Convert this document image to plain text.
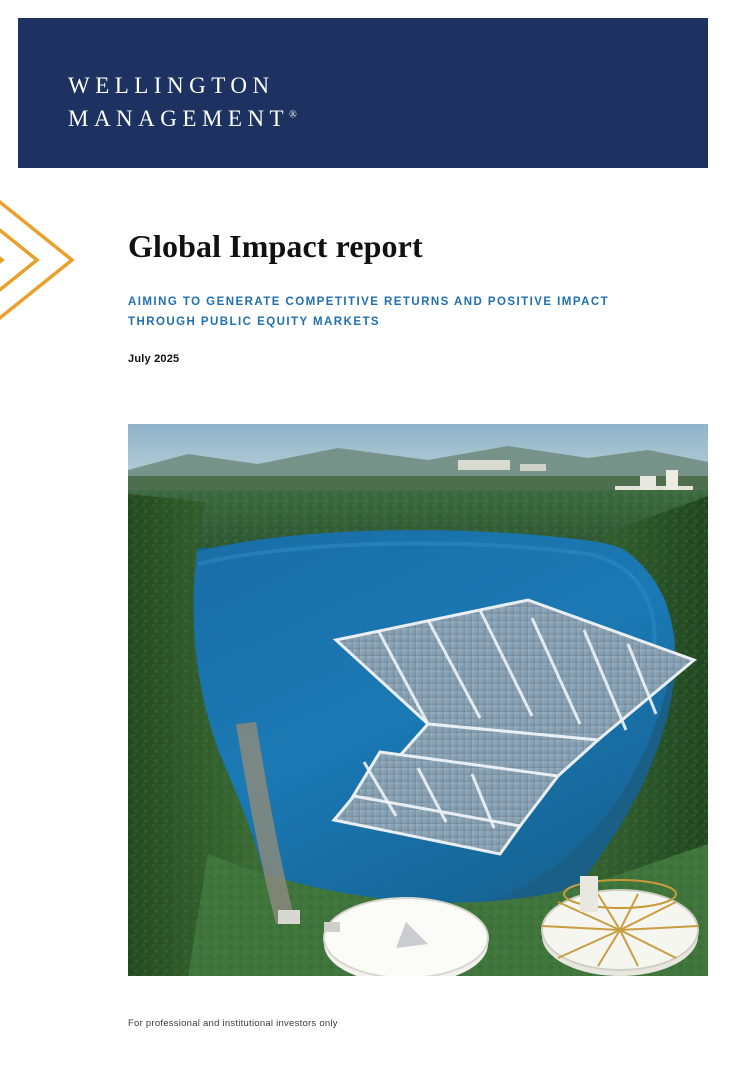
WELLINGTON
MANAGEMENT®
Global Impact report
AIMING TO GENERATE COMPETITIVE RETURNS AND POSITIVE IMPACT THROUGH PUBLIC EQUITY MARKETS
July 2025
For professional and institutional investors only
